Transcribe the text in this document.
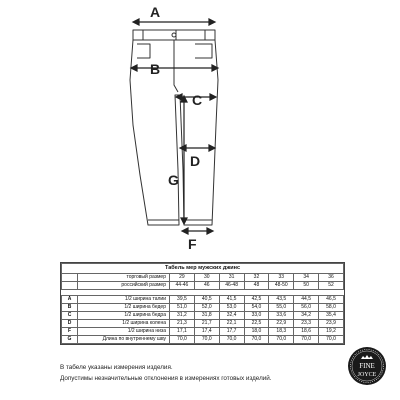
A
B
C
D
G
F
Табель мер мужских джинс								
	торговый размер	29	30	31	32	33	34	36
	российский размер	44-46	46	46-48	48	48-50	50	52

A	1/2 ширина талии	39,5	40,5	41,5	42,5	43,5	44,5	46,5
B	1/2 ширина бедер	51,0	52,0	53,0	54,0	55,0	56,0	58,0
C	1/2 ширина бедра	31,2	31,8	32,4	33,0	33,6	34,2	35,4
D	1/2 ширина колена	21,3	21,7	22,1	22,5	22,9	23,3	23,9
F	1/2 ширина низа	17,1	17,4	17,7	18,0	18,3	18,6	19,2
G	Длина по внутреннему шву	70,0	70,0	70,0	70,0	70,0	70,0	70,0
В табеле указаны измерения изделия.
Допустимы незначительные отклонения в измерениях готовых изделий.
FINE
JOYCE
